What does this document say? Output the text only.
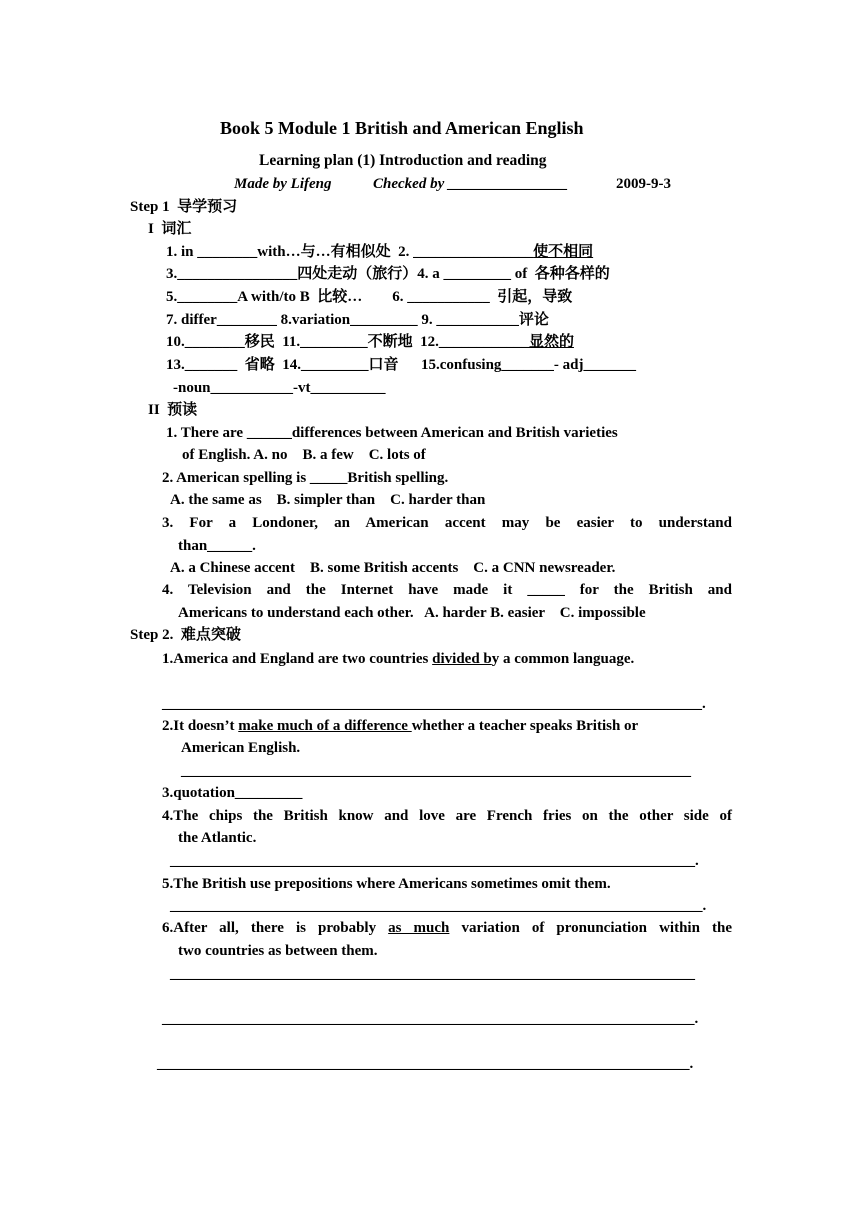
Book 5 Module 1 British and American English
Learning plan (1) Introduction and reading
Made by Lifeng	Checked by ________________	2009-9-3
Step 1  导学预习
I  词汇
1. in ________with…与…有相似处  2. ________________使不相同
3.________________四处走动（旅行）4. a _________ of  各种各样的
5.________A with/to B  比较…        6. ___________  引起，导致
7. differ________ 8.variation_________ 9. ___________评论
10.________移民  11._________不断地  12.____________显然的
13._______  省略  14._________口音      15.confusing_______- adj_______
-noun___________-vt__________
II  预读
1. There are ______differences between American and British varieties
of English. A. no    B. a few    C. lots of
2. American spelling is _____British spelling.
A. the same as    B. simpler than    C. harder than
3. For a Londoner, an American accent may be easier to understand
than______.
A. a Chinese accent    B. some British accents    C. a CNN newsreader.
4. Television and the Internet have made it _____ for the British and
Americans to understand each other.   A. harder B. easier    C. impossible
Step 2.  难点突破
1.America and England are two countries divided by a common language.
________________________________________________________________________.
2.It doesn’t make much of a difference whether a teacher speaks British or
American English.
____________________________________________________________________
3.quotation_________
4.The chips the British know and love are French fries on the other side of
the Atlantic.
______________________________________________________________________.
5.The British use prepositions where Americans sometimes omit them.
_______________________________________________________________________.
6.After all, there is probably as much variation of pronunciation within the
two countries as between them.
______________________________________________________________________
_______________________________________________________________________.
_______________________________________________________________________.
